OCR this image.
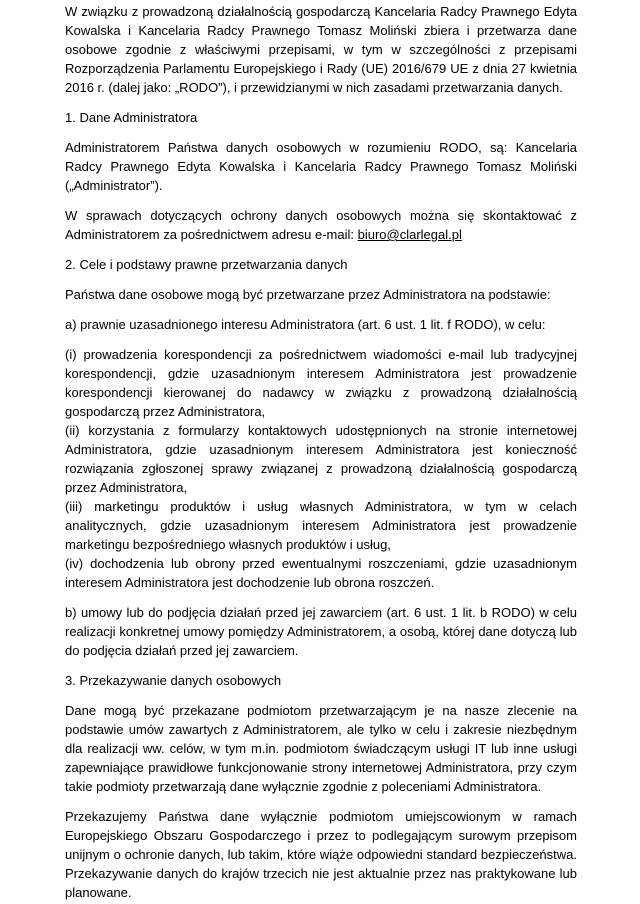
W związku z prowadzoną działalnością gospodarczą Kancelaria Radcy Prawnego Edyta Kowalska i Kancelaria Radcy Prawnego Tomasz Moliński zbiera i przetwarza dane osobowe zgodnie z właściwymi przepisami, w tym w szczególności z przepisami Rozporządzenia Parlamentu Europejskiego i Rady (UE) 2016/679 UE z dnia 27 kwietnia 2016 r. (dalej jako: „RODO”), i przewidzianymi w nich zasadami przetwarzania danych.

1. Dane Administratora

Administratorem Państwa danych osobowych w rozumieniu RODO, są: Kancelaria Radcy Prawnego Edyta Kowalska i Kancelaria Radcy Prawnego Tomasz Moliński („Administrator”).

W sprawach dotyczących ochrony danych osobowych można się skontaktować z Administratorem za pośrednictwem adresu e-mail: biuro@clarlegal.pl

2. Cele i podstawy prawne przetwarzania danych

Państwa dane osobowe mogą być przetwarzane przez Administratora na podstawie:

a) prawnie uzasadnionego interesu Administratora (art. 6 ust. 1 lit. f RODO), w celu:

(i) prowadzenia korespondencji za pośrednictwem wiadomości e-mail lub tradycyjnej korespondencji, gdzie uzasadnionym interesem Administratora jest prowadzenie korespondencji kierowanej do nadawcy w związku z prowadzoną działalnością gospodarczą przez Administratora,

(ii) korzystania z formularzy kontaktowych udostępnionych na stronie internetowej Administratora, gdzie uzasadnionym interesem Administratora jest konieczność rozwiązania zgłoszonej sprawy związanej z prowadzoną działalnością gospodarczą przez Administratora,

(iii) marketingu produktów i usług własnych Administratora, w tym w celach analitycznych, gdzie uzasadnionym interesem Administratora jest prowadzenie marketingu bezpośredniego własnych produktów i usług,

(iv) dochodzenia lub obrony przed ewentualnymi roszczeniami, gdzie uzasadnionym interesem Administratora jest dochodzenie lub obrona roszczeń.

b) umowy lub do podjęcia działań przed jej zawarciem (art. 6 ust. 1 lit. b RODO) w celu realizacji konkretnej umowy pomiędzy Administratorem, a osobą, której dane dotyczą lub do podjęcia działań przed jej zawarciem.

3. Przekazywanie danych osobowych

Dane mogą być przekazane podmiotom przetwarzającym je na nasze zlecenie na podstawie umów zawartych z Administratorem, ale tylko w celu i zakresie niezbędnym dla realizacji ww. celów, w tym m.in. podmiotom świadczącym usługi IT lub inne usługi zapewniające prawidłowe funkcjonowanie strony internetowej Administratora, przy czym takie podmioty przetwarzają dane wyłącznie zgodnie z poleceniami Administratora.

Przekazujemy Państwa dane wyłącznie podmiotom umiejscowionym w ramach Europejskiego Obszaru Gospodarczego i przez to podlegającym surowym przepisom unijnym o ochronie danych, lub takim, które wiąże odpowiedni standard bezpieczeństwa. Przekazywanie danych do krajów trzecich nie jest aktualnie przez nas praktykowane lub planowane.
